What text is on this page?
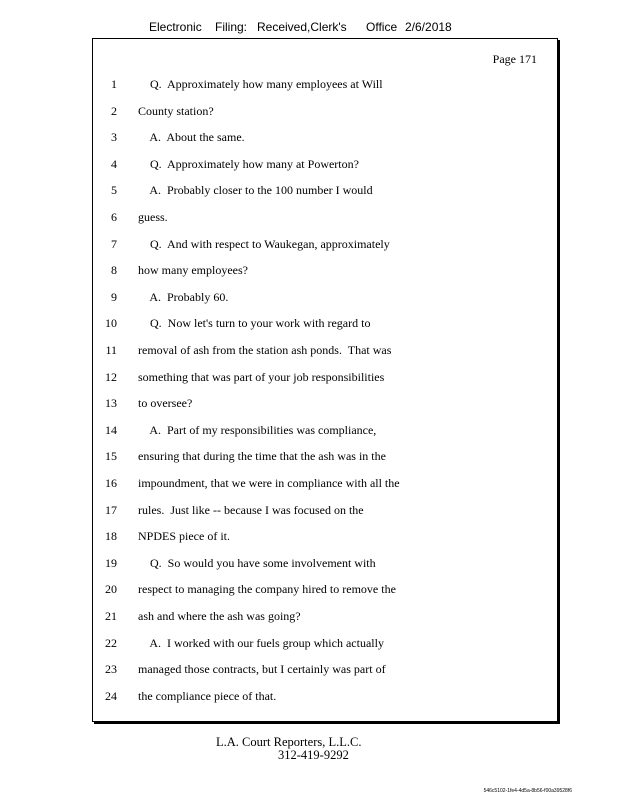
Electronic Filing: Received,Clerk's Office 2/6/2018
Page 171
1 Q.  Approximately how many employees at Will
2 County station?
3 A.  About the same.
4 Q.  Approximately how many at Powerton?
5 A.  Probably closer to the 100 number I would
6 guess.
7 Q.  And with respect to Waukegan, approximately
8 how many employees?
9 A.  Probably 60.
10 Q.  Now let's turn to your work with regard to
11 removal of ash from the station ash ponds.  That was
12 something that was part of your job responsibilities
13 to oversee?
14 A.  Part of my responsibilities was compliance,
15 ensuring that during the time that the ash was in the
16 impoundment, that we were in compliance with all the
17 rules.  Just like -- because I was focused on the
18 NPDES piece of it.
19 Q.  So would you have some involvement with
20 respect to managing the company hired to remove the
21 ash and where the ash was going?
22 A.  I worked with our fuels group which actually
23 managed those contracts, but I certainly was part of
24 the compliance piece of that.
L.A. Court Reporters, L.L.C.
312-419-9292
546c5102-1fe4-4d5a-8b56-f00a39528f6
